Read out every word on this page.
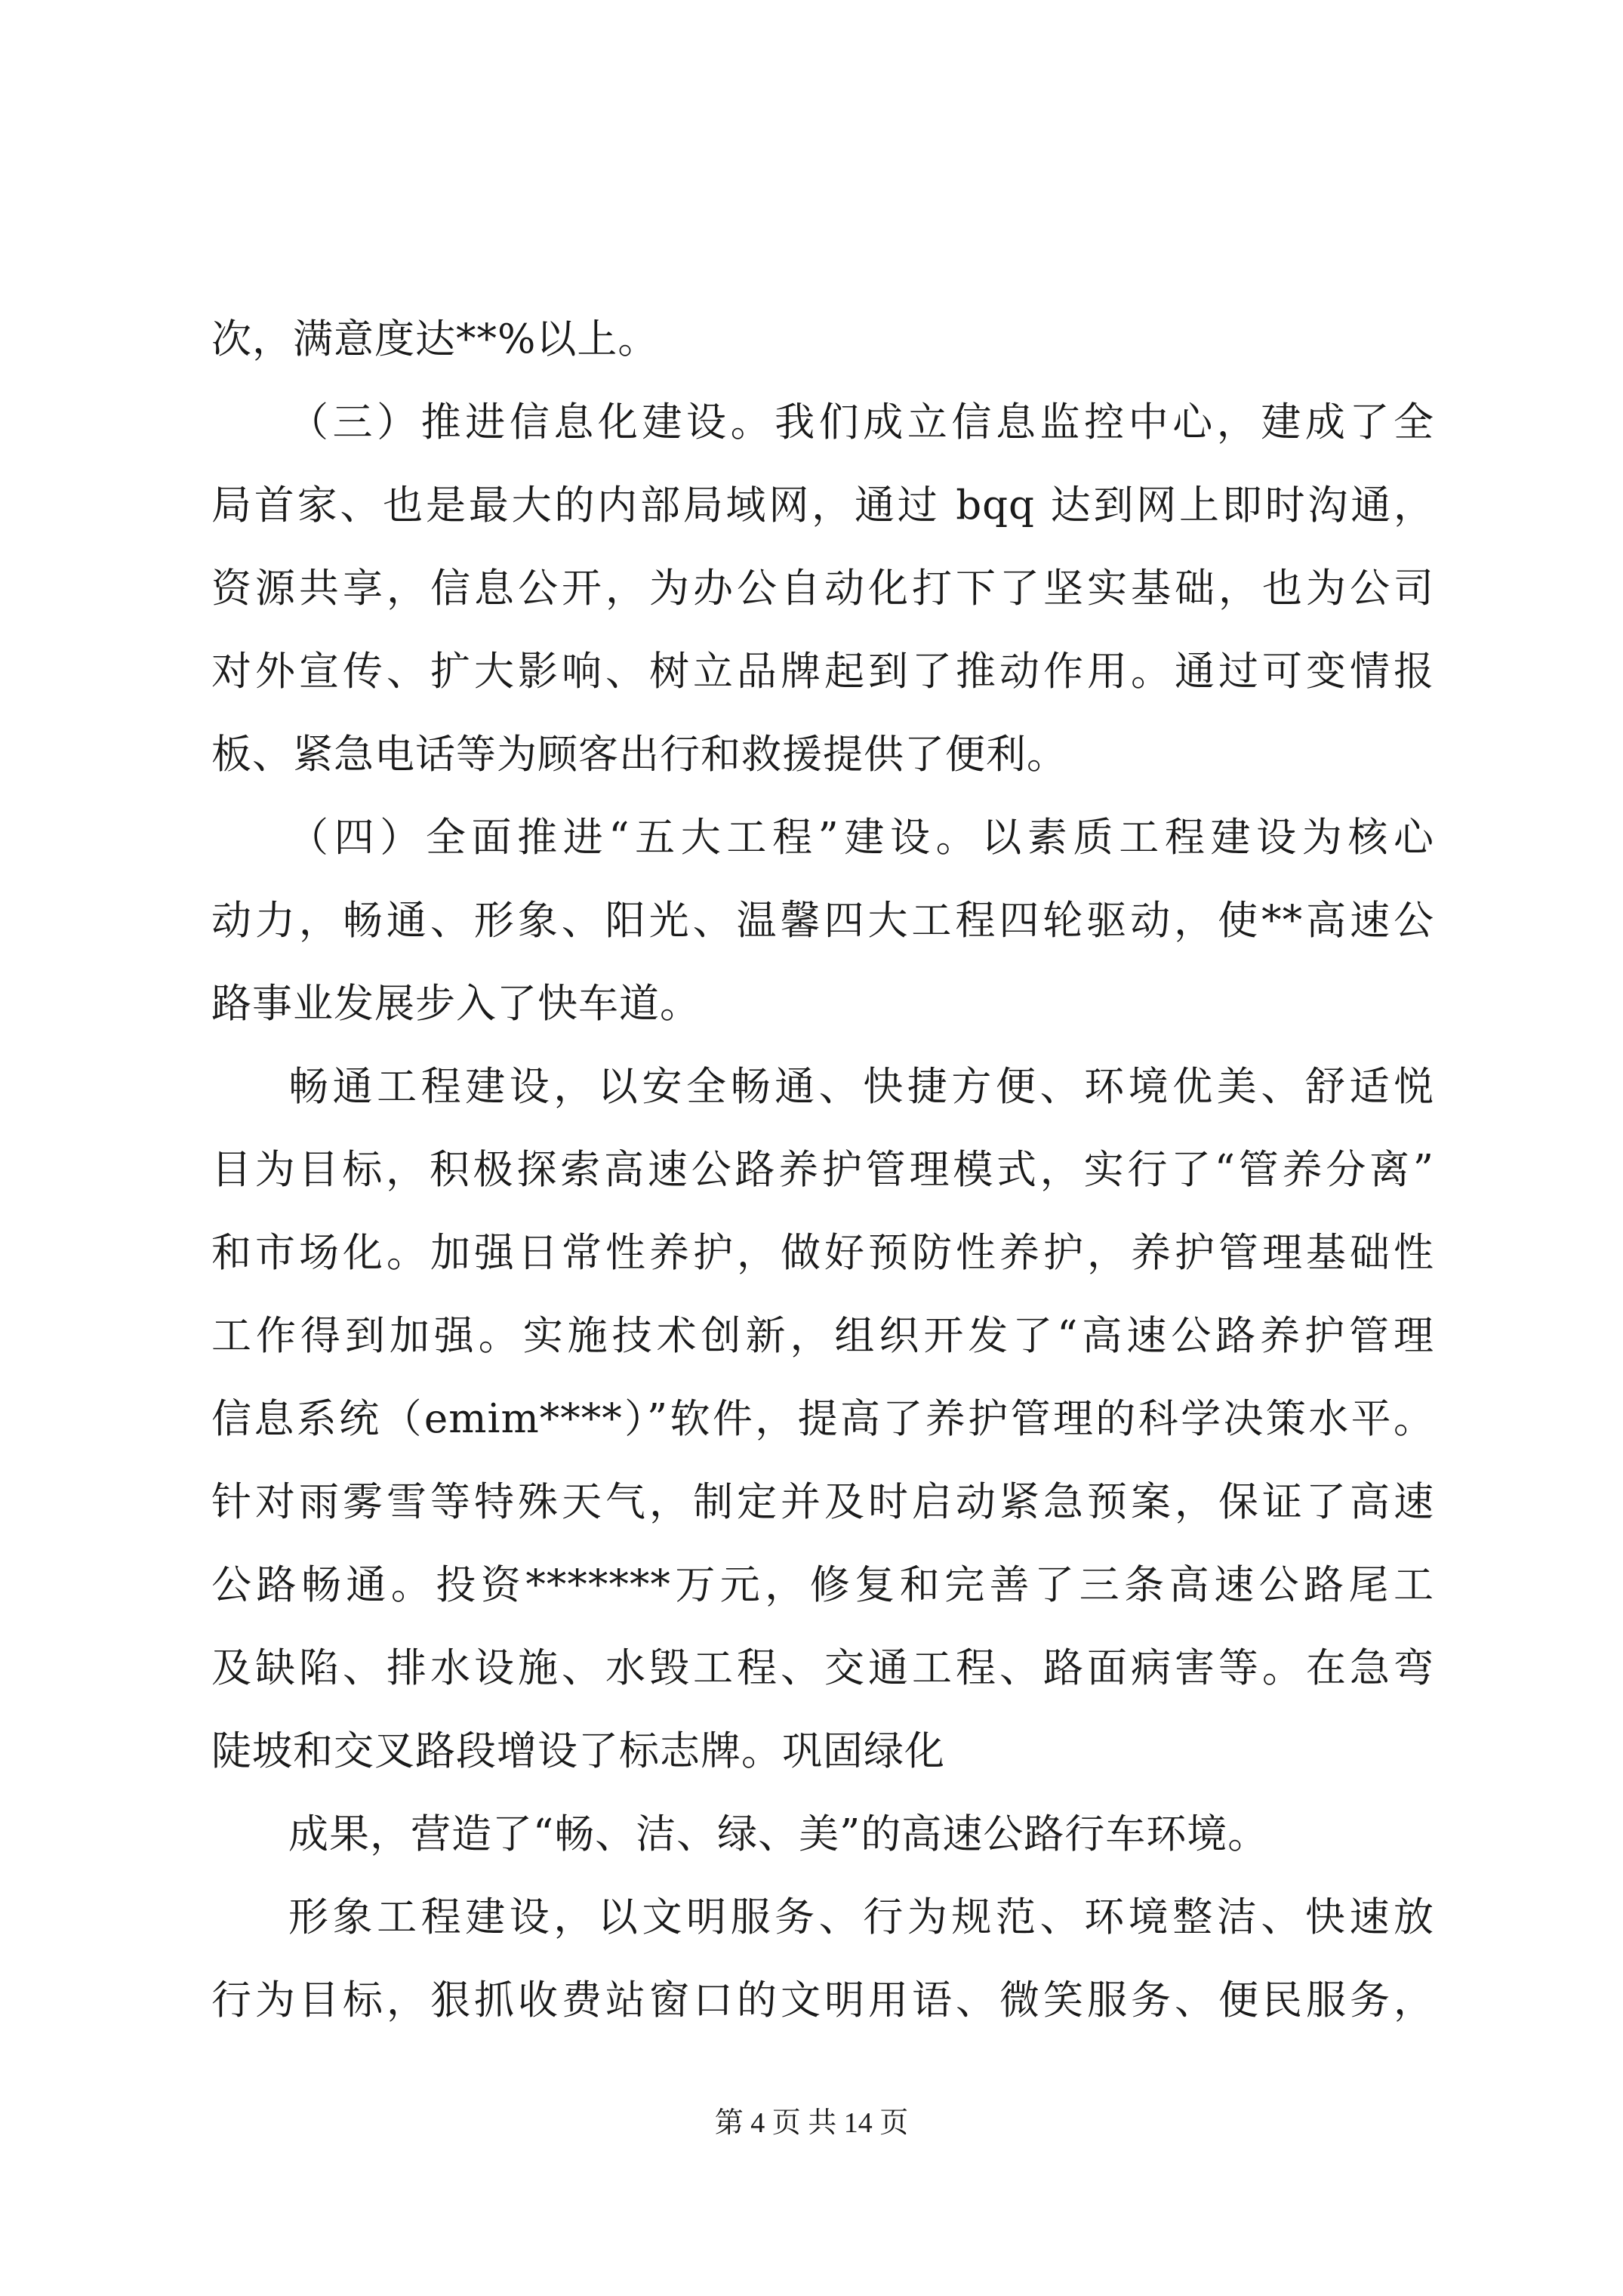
次，满意度达**%以上。
（三）推进信息化建设。我们成立信息监控中心，建成了全
局首家、也是最大的内部局域网，通过 bqq 达到网上即时沟通，
资源共享，信息公开，为办公自动化打下了坚实基础，也为公司
对外宣传、扩大影响、树立品牌起到了推动作用。通过可变情报
板、紧急电话等为顾客出行和救援提供了便利。
（四）全面推进“五大工程”建设。以素质工程建设为核心
动力，畅通、形象、阳光、温馨四大工程四轮驱动，使**高速公
路事业发展步入了快车道。
畅通工程建设，以安全畅通、快捷方便、环境优美、舒适悦
目为目标，积极探索高速公路养护管理模式，实行了“管养分离”
和市场化。加强日常性养护，做好预防性养护，养护管理基础性
工作得到加强。实施技术创新，组织开发了“高速公路养护管理
信息系统（emim****）”软件，提高了养护管理的科学决策水平。
针对雨雾雪等特殊天气，制定并及时启动紧急预案，保证了高速
公路畅通。投资*******万元，修复和完善了三条高速公路尾工
及缺陷、排水设施、水毁工程、交通工程、路面病害等。在急弯
陡坡和交叉路段增设了标志牌。巩固绿化
成果，营造了“畅、洁、绿、美”的高速公路行车环境。
形象工程建设，以文明服务、行为规范、环境整洁、快速放
行为目标，狠抓收费站窗口的文明用语、微笑服务、便民服务，
第 4 页 共 14 页
